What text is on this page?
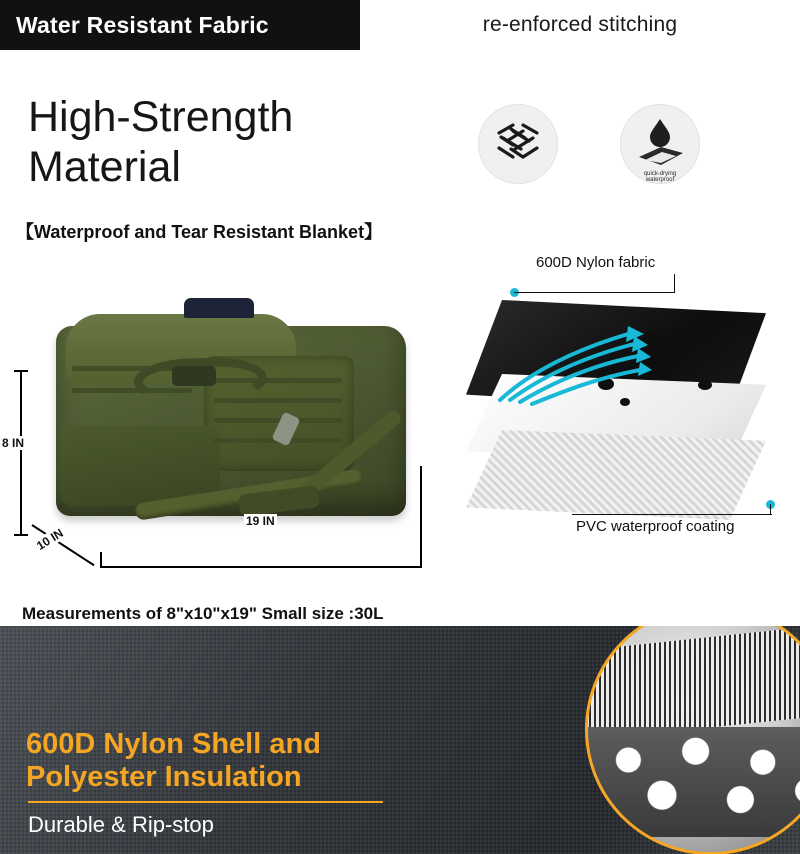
Water Resistant Fabric	re-enforced stitching
High-Strength
Material
【Waterproof and Tear Resistant Blanket】
quick-drying
waterproof
8 IN
10 IN
19 IN
Measurements of 8"x10"x19" Small size :30L
600D Nylon fabric
PVC waterproof coating
600D Nylon Shell and
Polyester Insulation
Durable & Rip-stop
